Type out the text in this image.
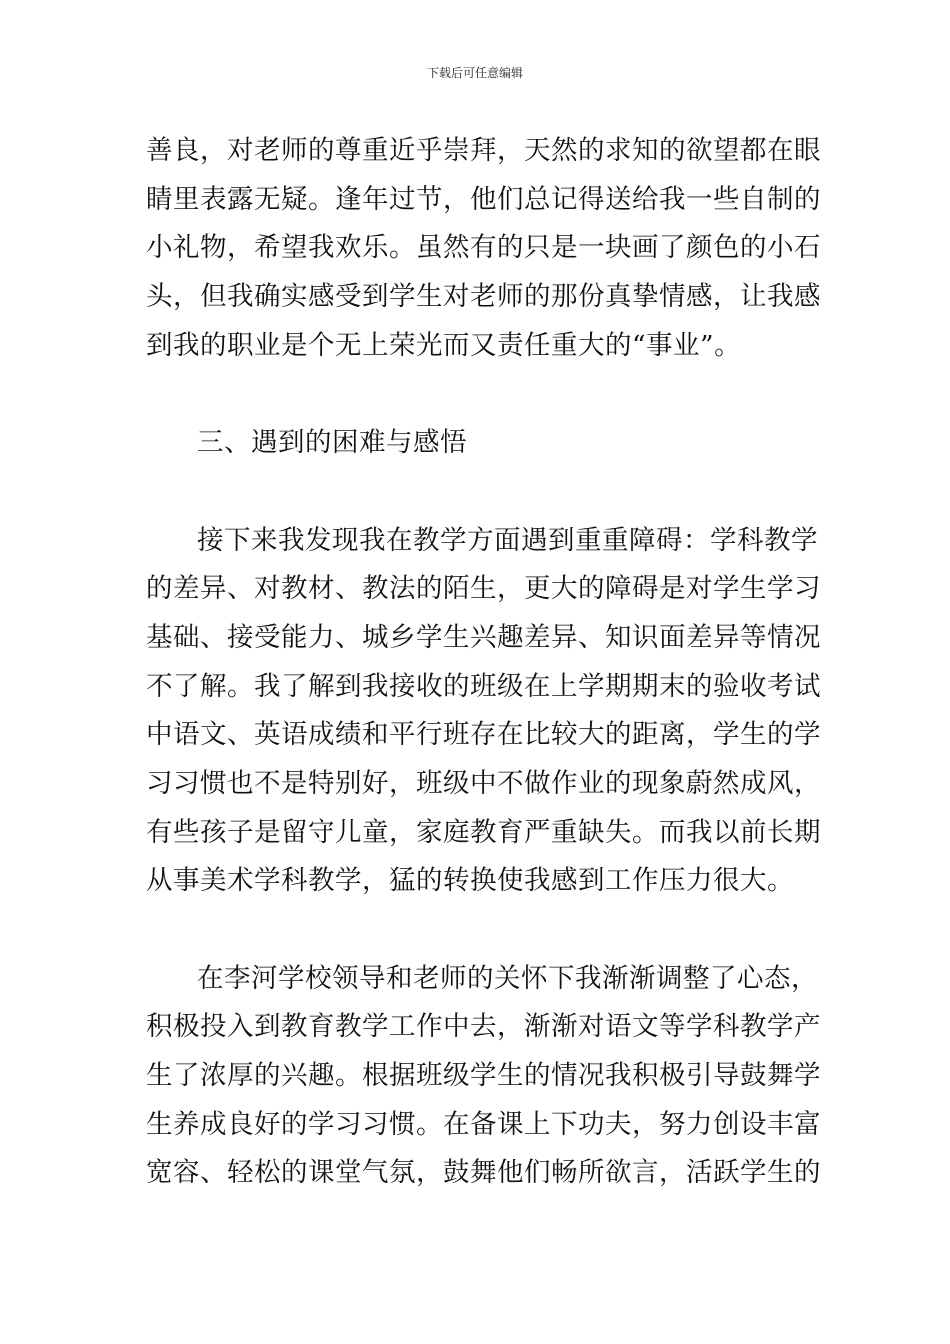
下载后可任意编辑
善良，对老师的尊重近乎崇拜，天然的求知的欲望都在眼
睛里表露无疑。逢年过节，他们总记得送给我一些自制的
小礼物，希望我欢乐。虽然有的只是一块画了颜色的小石
头，但我确实感受到学生对老师的那份真挚情感，让我感
到我的职业是个无上荣光而又责任重大的“事业”。
三、遇到的困难与感悟
接下来我发现我在教学方面遇到重重障碍：学科教学
的差异、对教材、教法的陌生，更大的障碍是对学生学习
基础、接受能力、城乡学生兴趣差异、知识面差异等情况
不了解。我了解到我接收的班级在上学期期末的验收考试
中语文、英语成绩和平行班存在比较大的距离，学生的学
习习惯也不是特别好，班级中不做作业的现象蔚然成风，
有些孩子是留守儿童，家庭教育严重缺失。而我以前长期
从事美术学科教学，猛的转换使我感到工作压力很大。
在李河学校领导和老师的关怀下我渐渐调整了心态，
积极投入到教育教学工作中去，渐渐对语文等学科教学产
生了浓厚的兴趣。根据班级学生的情况我积极引导鼓舞学
生养成良好的学习习惯。在备课上下功夫，努力创设丰富
宽容、轻松的课堂气氛，鼓舞他们畅所欲言，活跃学生的
